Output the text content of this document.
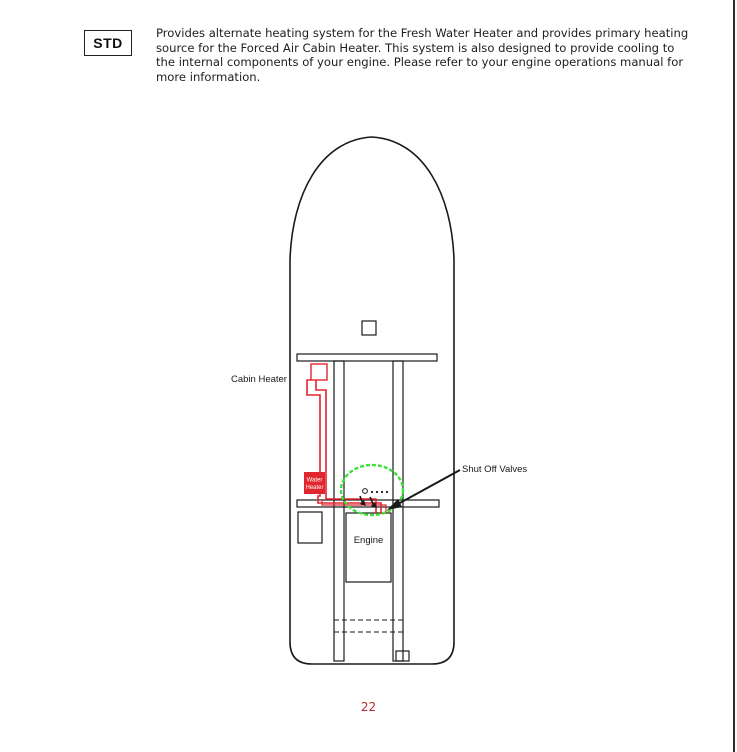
STD

Provides alternate heating system for the Fresh Water Heater and provides primary heating source for the Forced Air Cabin Heater. This system is also designed to provide cooling to the internal components of your engine. Please refer to your engine operations manual for more information.

Water
Heater
Cabin Heater
Shut Off Valves
Engine
22
